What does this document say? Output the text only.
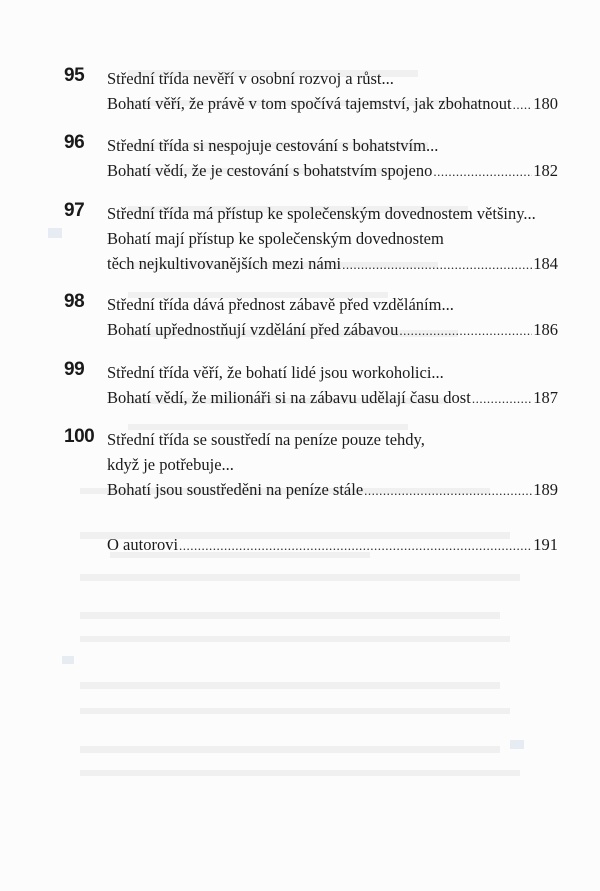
95 Střední třída nevěří v osobní rozvoj a růst...
Bohatí věří, že právě v tom spočívá tajemství, jak zbohatnout ..... 180
96 Střední třída si nespojuje cestování s bohatstvím...
Bohatí vědí, že je cestování s bohatstvím spojeno .....	182
97 Střední třída má přístup ke společenským dovednostem většiny...
Bohatí mají přístup ke společenským dovednostem
těch nejkultivovanějších mezi námi .....	184
98 Střední třída dává přednost zábavě před vzděláním...
Bohatí upřednostňují vzdělání před zábavou .....	186
99 Střední třída věří, že bohatí lidé jsou workoholici...
Bohatí vědí, že milionáři si na zábavu udělají času dost .....	187
100 Střední třída se soustředí na peníze pouze tehdy,
když je potřebuje...
Bohatí jsou soustředěni na peníze stále .....	189
O autorovi .....	191
